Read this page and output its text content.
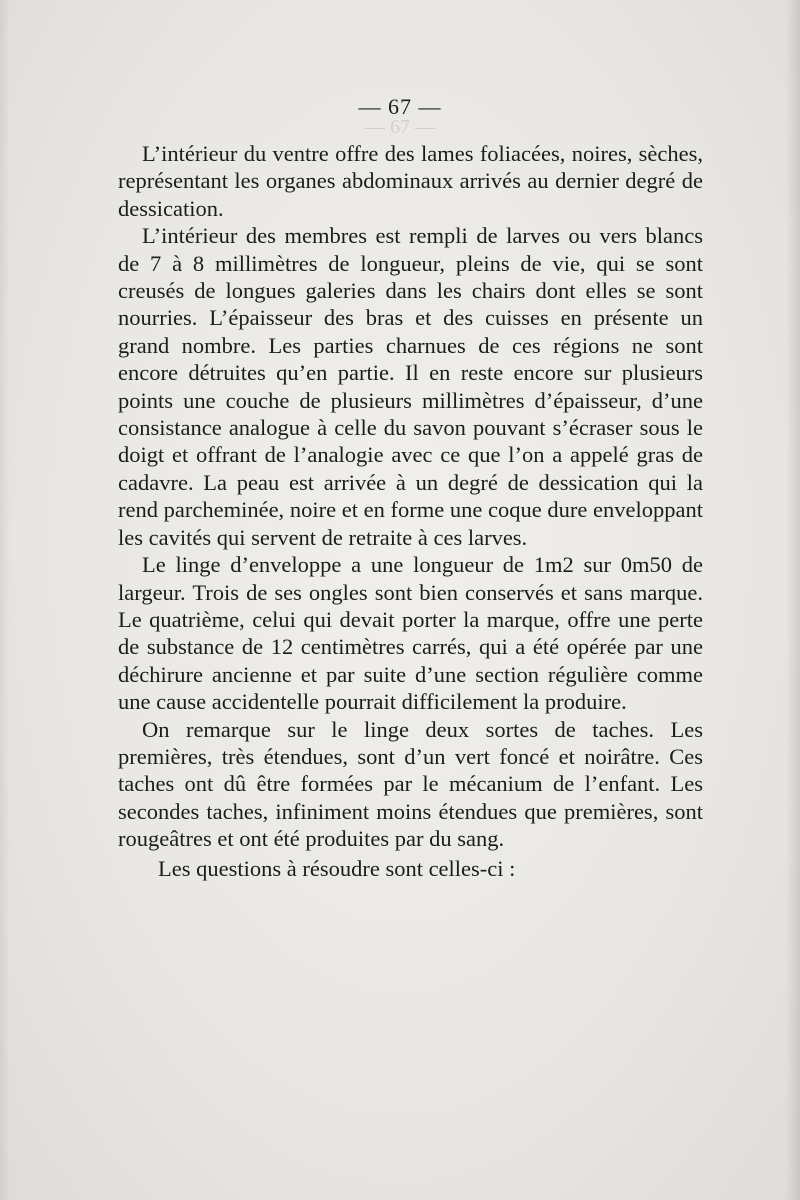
— 67 —
— 67 —

L’intérieur du ventre offre des lames foliacées, noires, sèches, représentant les organes abdominaux arrivés au dernier degré de dessication.

L’intérieur des membres est rempli de larves ou vers blancs de 7 à 8 millimètres de longueur, pleins de vie, qui se sont creusés de longues galeries dans les chairs dont elles se sont nourries. L’épaisseur des bras et des cuisses en présente un grand nombre. Les parties charnues de ces régions ne sont encore détruites qu’en partie. Il en reste encore sur plusieurs points une couche de plusieurs millimètres d’épaisseur, d’une consistance analogue à celle du savon pouvant s’écraser sous le doigt et offrant de l’analogie avec ce que l’on a appelé gras de cadavre. La peau est arrivée à un degré de dessication qui la rend parcheminée, noire et en forme une coque dure enveloppant les cavités qui servent de retraite à ces larves.

Le linge d’enveloppe a une longueur de 1m2 sur 0m50 de largeur. Trois de ses ongles sont bien conservés et sans marque. Le quatrième, celui qui devait porter la marque, offre une perte de substance de 12 centimètres carrés, qui a été opérée par une déchirure ancienne et par suite d’une section régulière comme une cause accidentelle pourrait difficilement la produire.

On remarque sur le linge deux sortes de taches. Les premières, très étendues, sont d’un vert foncé et noirâtre. Ces taches ont dû être formées par le mécanium de l’enfant. Les secondes taches, infiniment moins étendues que premières, sont rougeâtres et ont été produites par du sang.

Les questions à résoudre sont celles-ci :
